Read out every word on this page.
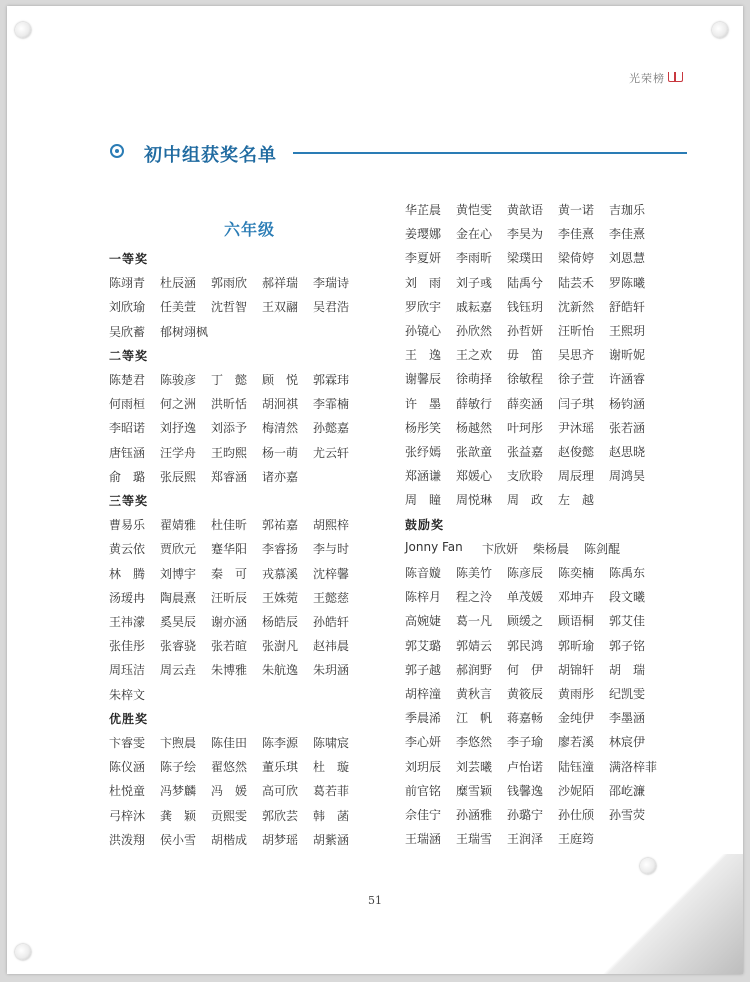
光荣榜
初中组获奖名单
六年级
一等奖
陈翊青 杜辰涵 郭雨欣 郝祥瑞 李瑞诗
刘欣瑜 任美萱 沈哲智 王双翮 吴君浩
吴欣蓄 郁树翊枫
二等奖
陈楚君 陈骏彦 丁　懿 顾　悦 郭霖玮
何雨桓 何之洲 洪昕恬 胡泂祺 李霏楠
李昭诺 刘抒逸 刘添予 梅清然 孙懿嘉
唐钰涵 汪学舟 王昀熙 杨一萌 尤云轩
俞　璐 张辰熙 郑睿涵 诸亦嘉
三等奖
曹易乐 翟婧雅 杜佳昕 郭祐嘉 胡熙梓
黄云依 贾欣元 蹇华阳 李睿扬 李与时
林　腾 刘博宇 秦　可 戎慕溪 沈梓馨
汤瑷冉 陶晨熹 汪昕辰 王姝菀 王懿慈
王祎濛 奚昊辰 谢亦涵 杨皓辰 孙皓轩
张佳彤 张睿骁 张若暄 张澍凡 赵祎晨
周珏洁 周云垚 朱博雅 朱航逸 朱玥涵
朱梓文
优胜奖
卞睿雯 卞煦晨 陈佳田 陈李源 陈啸宸
陈仪涵 陈子绘 翟悠然 董乐琪 杜　璇
杜悦童 冯梦麟 冯　媛 高可欣 葛若菲
弓梓沐 龚　颖 贡熙雯 郭欣芸 韩　菡
洪泼翔 侯小雪 胡楷成 胡梦瑶 胡紫涵
华芷晨 黄恺雯 黄歆语 黄一诺 吉珈乐
姜璎娜 金在心 李昊为 李佳熹 李佳熹
李夏妍 李雨昕 梁璞田 梁倚婷 刘恩慧
刘　雨 刘子彧 陆禹兮 陆芸禾 罗陈曦
罗欣宇 戚耘嘉 钱钰玥 沈新然 舒皓轩
孙镜心 孙欣然 孙哲妍 汪昕怡 王熙玥
王　逸 王之欢 毋　笛 吴思齐 谢昕妮
谢馨辰 徐萌择 徐敏程 徐子萱 许涵睿
许　墨 薛敏行 薛奕涵 闫子琪 杨钧涵
杨彤笑 杨越然 叶珂彤 尹沐瑶 张若涵
张纾嫣 张歆童 张益嘉 赵俊懿 赵思晓
郑涵谦 郑媛心 支欣聆 周辰理 周鸿昊
周　瞳 周悦琳 周　政 左　越
鼓励奖
Jonny Fan 卞欣妍 柴杨晨 陈剑醌
陈音嫙 陈美竹 陈彦辰 陈奕楠 陈禹东
陈梓月 程之泠 单茂媛 邓坤卉 段文曦
高婉婕 葛一凡 顾缓之 顾语桐 郭艾佳
郭艾璐 郭婧云 郭民鸿 郭昕瑜 郭子铭
郭子越 郝润野 何　伊 胡锦轩 胡　瑞
胡梓潼 黄秋言 黄筱辰 黄雨彤 纪凯雯
季晨浠 江　帆 蒋嘉畅 金纯伊 李墨涵
李心妍 李悠然 李子瑜 廖若溪 林宸伊
刘玥辰 刘芸曦 卢怡诺 陆钰潼 满洛梓菲
前官铭 糜雪颖 钱馨逸 沙妮陌 邵屹濂
佘佳宁 孙涵雅 孙璐宁 孙仕颀 孙雪荧
王瑞涵 王瑞雪 王润泽 王庭筠
51
